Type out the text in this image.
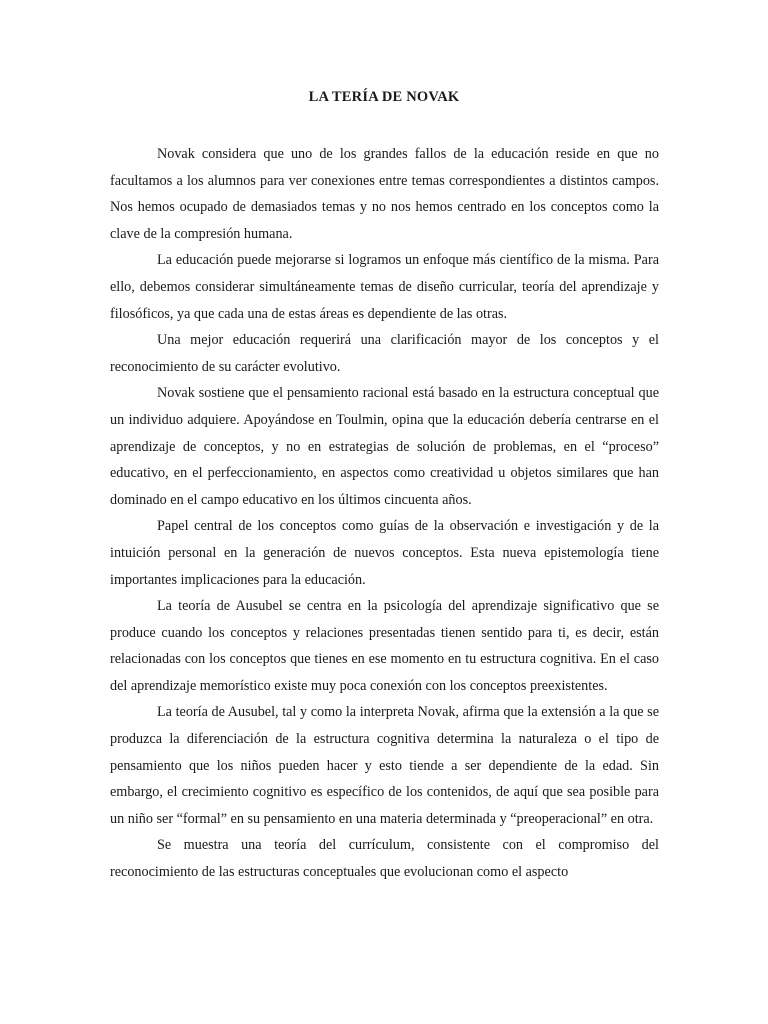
LA TERÍA DE NOVAK

Novak considera que uno de los grandes fallos de la educación reside en que no facultamos a los alumnos para ver conexiones entre temas correspondientes a distintos campos. Nos hemos ocupado de demasiados temas y no nos hemos centrado en los conceptos como la clave de la compresión humana.

La educación puede mejorarse si logramos un enfoque más científico de la misma. Para ello, debemos considerar simultáneamente temas de diseño curricular, teoría del aprendizaje y filosóficos, ya que cada una de estas áreas es dependiente de las otras.

Una mejor educación requerirá una clarificación mayor de los conceptos y el reconocimiento de su carácter evolutivo.

Novak sostiene que el pensamiento racional está basado en la estructura conceptual que un individuo adquiere. Apoyándose en Toulmin, opina que la educación debería centrarse en el aprendizaje de conceptos, y no en estrategias de solución de problemas, en el “proceso” educativo, en el perfeccionamiento, en aspectos como creatividad u objetos similares que han dominado en el campo educativo en los últimos cincuenta años.

Papel central de los conceptos como guías de la observación e investigación y de la intuición personal en la generación de nuevos conceptos. Esta nueva epistemología tiene importantes implicaciones para la educación.

La teoría de Ausubel se centra en la psicología del aprendizaje significativo que se produce cuando los conceptos y relaciones presentadas tienen sentido para ti, es decir, están relacionadas con los conceptos que tienes en ese momento en tu estructura cognitiva. En el caso del aprendizaje memorístico existe muy poca conexión con los conceptos preexistentes.

La teoría de Ausubel, tal y como la interpreta Novak, afirma que la extensión a la que se produzca la diferenciación de la estructura cognitiva determina la naturaleza o el tipo de pensamiento que los niños pueden hacer y esto tiende a ser dependiente de la edad. Sin embargo, el crecimiento cognitivo es específico de los contenidos, de aquí que sea posible para un niño ser “formal” en su pensamiento en una materia determinada y “preoperacional” en otra.

Se muestra una teoría del currículum, consistente con el compromiso del reconocimiento de las estructuras conceptuales que evolucionan como el aspecto
